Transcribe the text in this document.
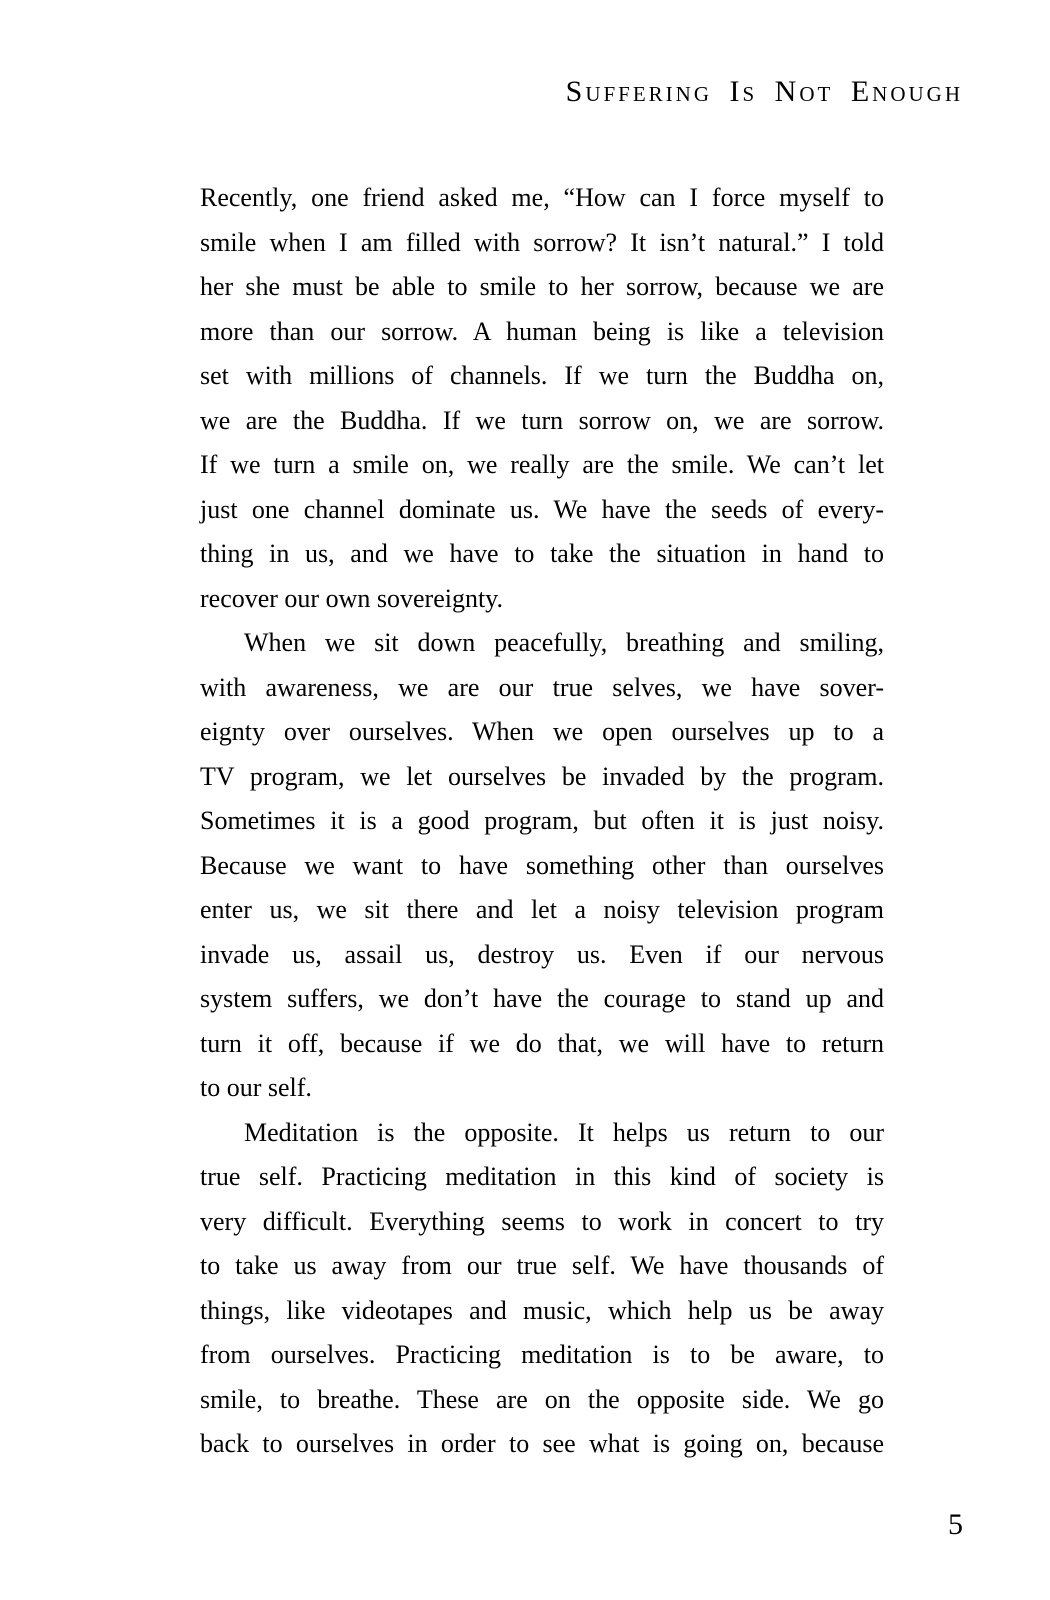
Suffering Is Not Enough
Recently, one friend asked me, “How can I force myself to
smile when I am filled with sorrow? It isn’t natural.” I told
her she must be able to smile to her sorrow, because we are
more than our sorrow. A human being is like a television
set with millions of channels. If we turn the Buddha on,
we are the Buddha. If we turn sorrow on, we are sorrow.
If we turn a smile on, we really are the smile. We can’t let
just one channel dominate us. We have the seeds of every-
thing in us, and we have to take the situation in hand to
recover our own sovereignty.
When we sit down peacefully, breathing and smiling,
with awareness, we are our true selves, we have sover-
eignty over ourselves. When we open ourselves up to a
TV program, we let ourselves be invaded by the program.
Sometimes it is a good program, but often it is just noisy.
Because we want to have something other than ourselves
enter us, we sit there and let a noisy television program
invade us, assail us, destroy us. Even if our nervous
system suffers, we don’t have the courage to stand up and
turn it off, because if we do that, we will have to return
to our self.
Meditation is the opposite. It helps us return to our
true self. Practicing meditation in this kind of society is
very difficult. Everything seems to work in concert to try
to take us away from our true self. We have thousands of
things, like videotapes and music, which help us be away
from ourselves. Practicing meditation is to be aware, to
smile, to breathe. These are on the opposite side. We go
back to ourselves in order to see what is going on, because
5
